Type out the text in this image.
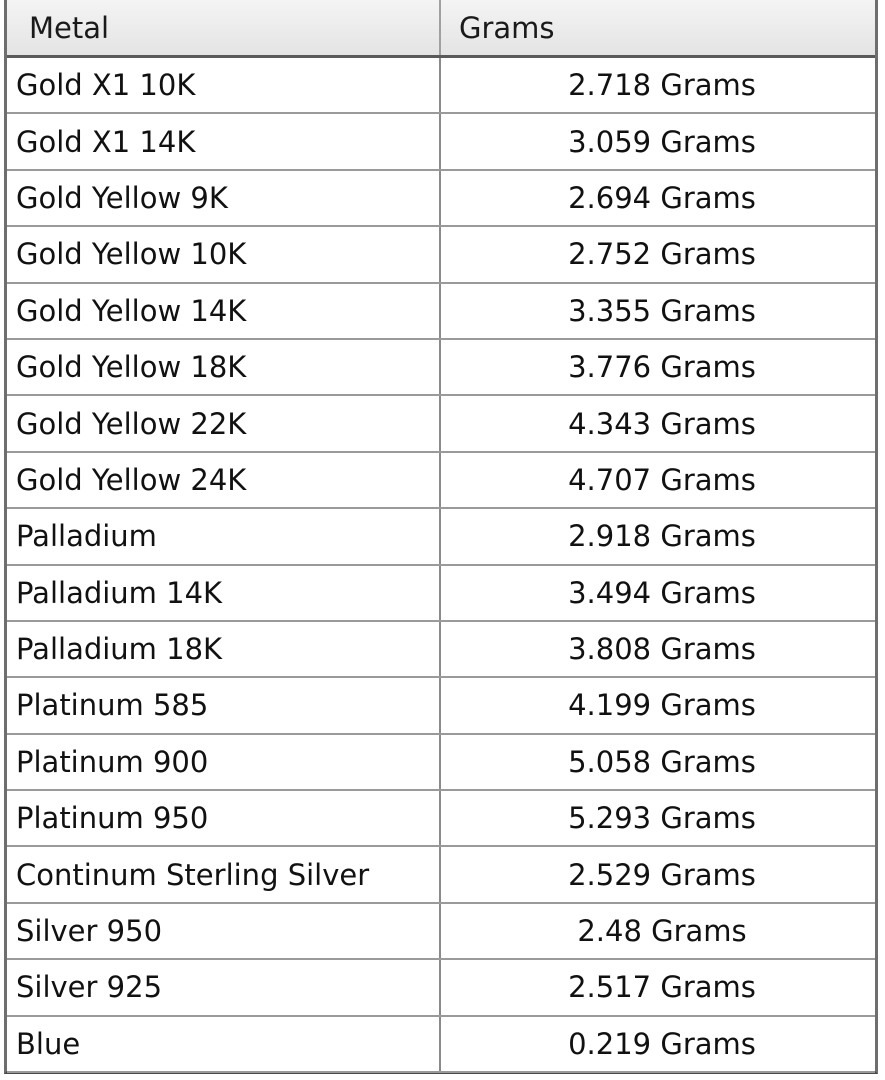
Metal	Grams
Gold X1 10K	2.718 Grams
Gold X1 14K	3.059 Grams
Gold Yellow 9K	2.694 Grams
Gold Yellow 10K	2.752 Grams
Gold Yellow 14K	3.355 Grams
Gold Yellow 18K	3.776 Grams
Gold Yellow 22K	4.343 Grams
Gold Yellow 24K	4.707 Grams
Palladium	2.918 Grams
Palladium 14K	3.494 Grams
Palladium 18K	3.808 Grams
Platinum 585	4.199 Grams
Platinum 900	5.058 Grams
Platinum 950	5.293 Grams
Continum Sterling Silver	2.529 Grams
Silver 950	2.48 Grams
Silver 925	2.517 Grams
Blue	0.219 Grams
